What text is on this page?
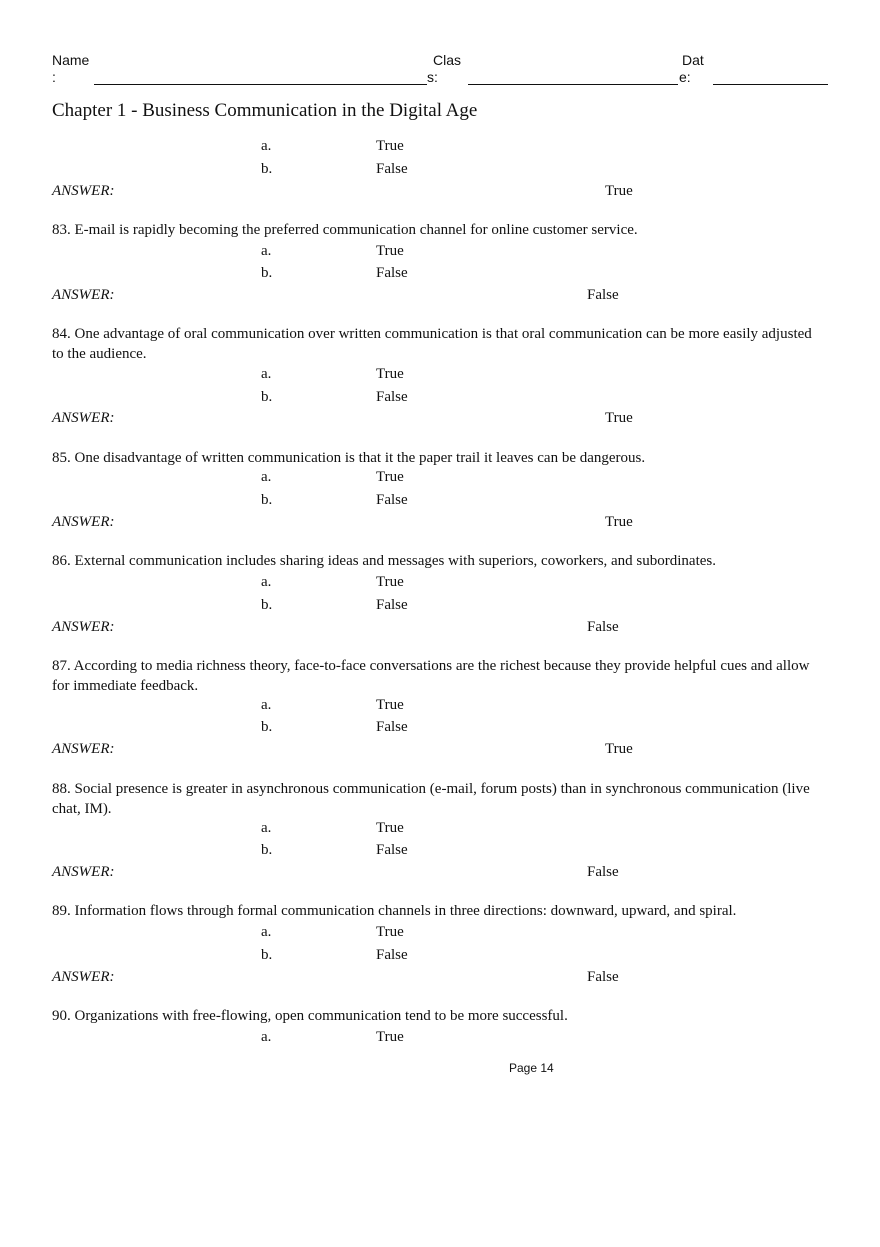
Name
:
Clas
s:
Dat
e:
Chapter 1 - Business Communication in the Digital Age
a.	True
b.	False
ANSWER:	True
83. E-mail is rapidly becoming the preferred communication channel for online customer service.
a.	True
b.	False
ANSWER:	False
84. One advantage of oral communication over written communication is that oral communication can be more easily adjusted to the audience.
a.	True
b.	False
ANSWER:	True
85. One disadvantage of written communication is that it the paper trail it leaves can be dangerous.
a.	True
b.	False
ANSWER:	True
86. External communication includes sharing ideas and messages with superiors, coworkers, and subordinates.
a.	True
b.	False
ANSWER:	False
87. According to media richness theory, face-to-face conversations are the richest because they provide helpful cues and allow for immediate feedback.
a.	True
b.	False
ANSWER:	True
88. Social presence is greater in asynchronous communication (e-mail, forum posts) than in synchronous communication (live chat, IM).
a.	True
b.	False
ANSWER:	False
89. Information flows through formal communication channels in three directions: downward, upward, and spiral.
a.	True
b.	False
ANSWER:	False
90. Organizations with free-flowing, open communication tend to be more successful.
a.	True
Page 14
